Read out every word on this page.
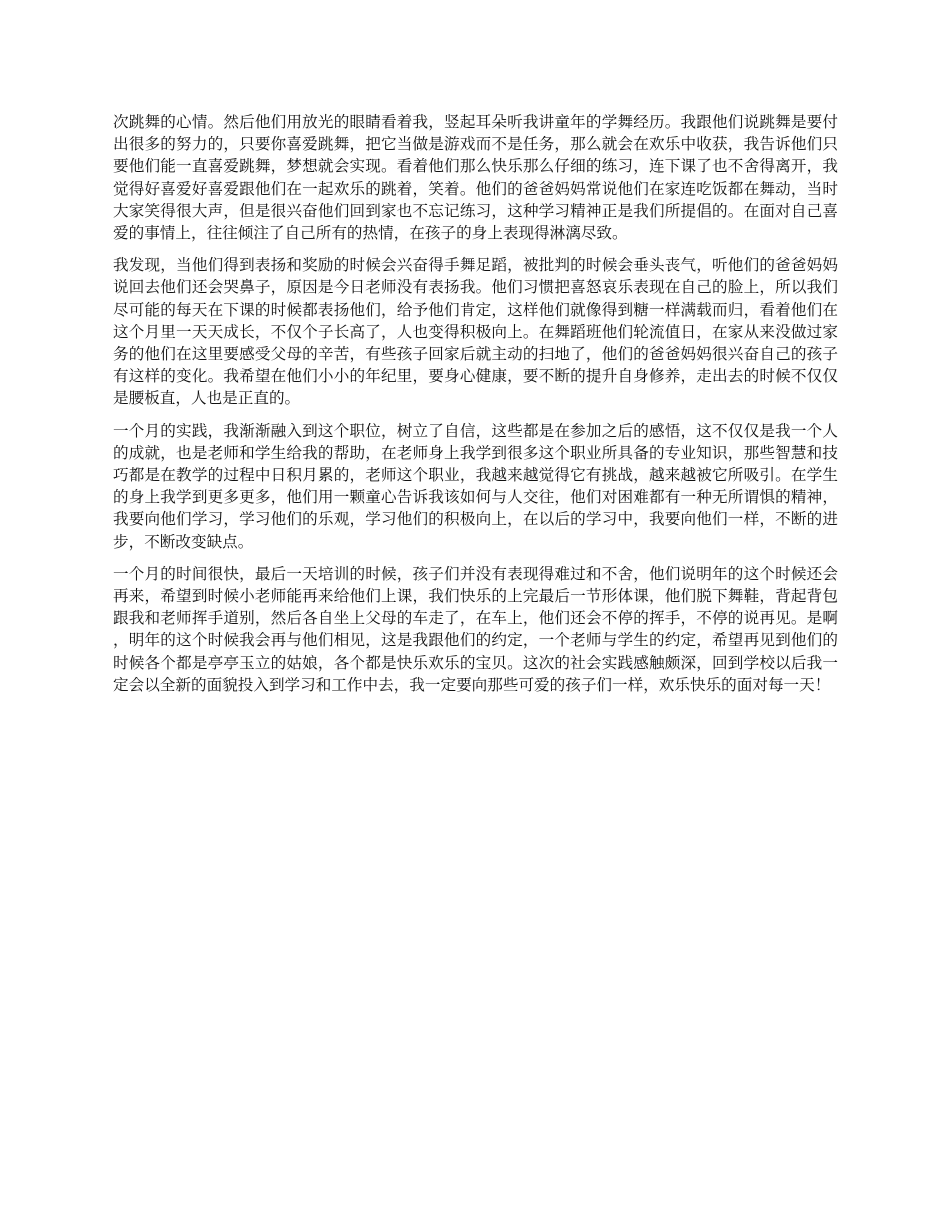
次跳舞的心情。然后他们用放光的眼睛看着我，竖起耳朵听我讲童年的学舞经历。我跟他们说跳舞是要付出很多的努力的，只要你喜爱跳舞，把它当做是游戏而不是任务，那么就会在欢乐中收获，我告诉他们只要他们能一直喜爱跳舞，梦想就会实现。看着他们那么快乐那么仔细的练习，连下课了也不舍得离开，我觉得好喜爱好喜爱跟他们在一起欢乐的跳着，笑着。他们的爸爸妈妈常说他们在家连吃饭都在舞动，当时大家笑得很大声，但是很兴奋他们回到家也不忘记练习，这种学习精神正是我们所提倡的。在面对自己喜爱的事情上，往往倾注了自己所有的热情，在孩子的身上表现得淋漓尽致。

我发现，当他们得到表扬和奖励的时候会兴奋得手舞足蹈，被批判的时候会垂头丧气，听他们的爸爸妈妈说回去他们还会哭鼻子，原因是今日老师没有表扬我。他们习惯把喜怒哀乐表现在自己的脸上，所以我们尽可能的每天在下课的时候都表扬他们，给予他们肯定，这样他们就像得到糖一样满载而归，看着他们在这个月里一天天成长，不仅个子长高了，人也变得积极向上。在舞蹈班他们轮流值日，在家从来没做过家务的他们在这里要感受父母的辛苦，有些孩子回家后就主动的扫地了，他们的爸爸妈妈很兴奋自己的孩子有这样的变化。我希望在他们小小的年纪里，要身心健康，要不断的提升自身修养，走出去的时候不仅仅是腰板直，人也是正直的。

一个月的实践，我渐渐融入到这个职位，树立了自信，这些都是在参加之后的感悟，这不仅仅是我一个人的成就，也是老师和学生给我的帮助，在老师身上我学到很多这个职业所具备的专业知识，那些智慧和技巧都是在教学的过程中日积月累的，老师这个职业，我越来越觉得它有挑战，越来越被它所吸引。在学生的身上我学到更多更多，他们用一颗童心告诉我该如何与人交往，他们对困难都有一种无所谓惧的精神，我要向他们学习，学习他们的乐观，学习他们的积极向上，在以后的学习中，我要向他们一样，不断的进步，不断改变缺点。

一个月的时间很快，最后一天培训的时候，孩子们并没有表现得难过和不舍，他们说明年的这个时候还会再来，希望到时候小老师能再来给他们上课，我们快乐的上完最后一节形体课，他们脱下舞鞋，背起背包跟我和老师挥手道别，然后各自坐上父母的车走了，在车上，他们还会不停的挥手，不停的说再见。是啊，明年的这个时候我会再与他们相见，这是我跟他们的约定，一个老师与学生的约定，希望再见到他们的时候各个都是亭亭玉立的姑娘，各个都是快乐欢乐的宝贝。这次的社会实践感触颇深，回到学校以后我一定会以全新的面貌投入到学习和工作中去，我一定要向那些可爱的孩子们一样，欢乐快乐的面对每一天！
